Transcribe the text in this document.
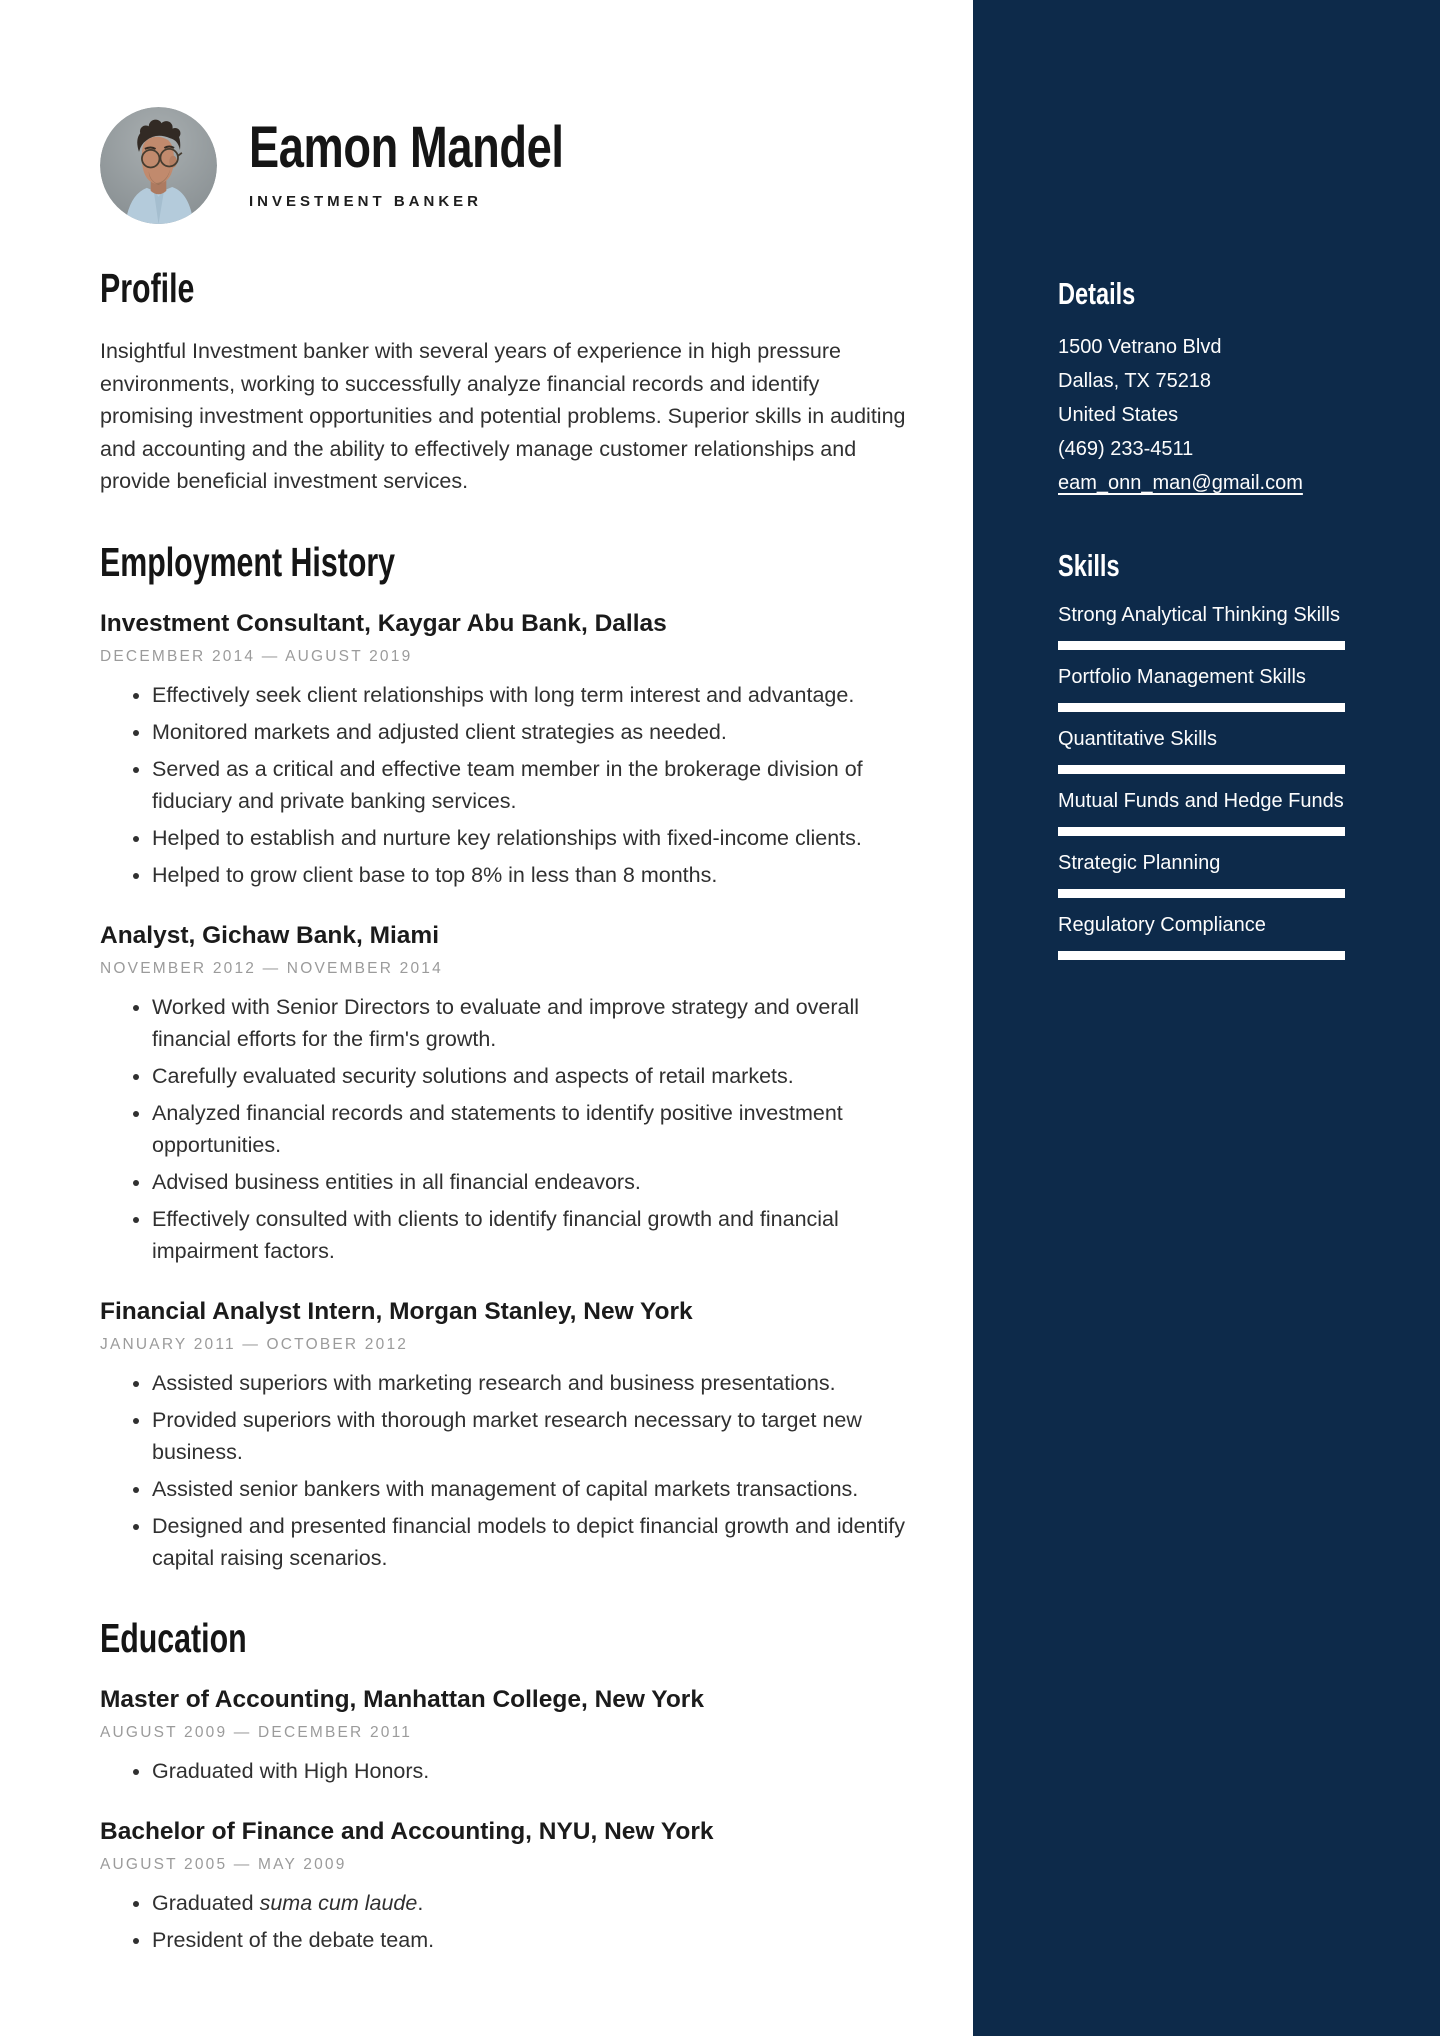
Eamon Mandel
INVESTMENT BANKER
Profile
Insightful Investment banker with several years of experience in high pressure environments, working to successfully analyze financial records and identify promising investment opportunities and potential problems. Superior skills in auditing and accounting and the ability to effectively manage customer relationships and provide beneficial investment services.
Employment History
Investment Consultant, Kaygar Abu Bank, Dallas
DECEMBER 2014 — AUGUST 2019
• Effectively seek client relationships with long term interest and advantage.
• Monitored markets and adjusted client strategies as needed.
• Served as a critical and effective team member in the brokerage division of fiduciary and private banking services.
• Helped to establish and nurture key relationships with fixed-income clients.
• Helped to grow client base to top 8% in less than 8 months.
Analyst, Gichaw Bank, Miami
NOVEMBER 2012 — NOVEMBER 2014
• Worked with Senior Directors to evaluate and improve strategy and overall financial efforts for the firm's growth.
• Carefully evaluated security solutions and aspects of retail markets.
• Analyzed financial records and statements to identify positive investment opportunities.
• Advised business entities in all financial endeavors.
• Effectively consulted with clients to identify financial growth and financial impairment factors.
Financial Analyst Intern, Morgan Stanley, New York
JANUARY 2011 — OCTOBER 2012
• Assisted superiors with marketing research and business presentations.
• Provided superiors with thorough market research necessary to target new business.
• Assisted senior bankers with management of capital markets transactions.
• Designed and presented financial models to depict financial growth and identify capital raising scenarios.
Education
Master of Accounting, Manhattan College, New York
AUGUST 2009 — DECEMBER 2011
• Graduated with High Honors.
Bachelor of Finance and Accounting, NYU, New York
AUGUST 2005 — MAY 2009
• Graduated suma cum laude.
• President of the debate team.
Details
1500 Vetrano Blvd
Dallas, TX 75218
United States
(469) 233-4511
eam_onn_man@gmail.com
Skills
Strong Analytical Thinking Skills
Portfolio Management Skills
Quantitative Skills
Mutual Funds and Hedge Funds
Strategic Planning
Regulatory Compliance
